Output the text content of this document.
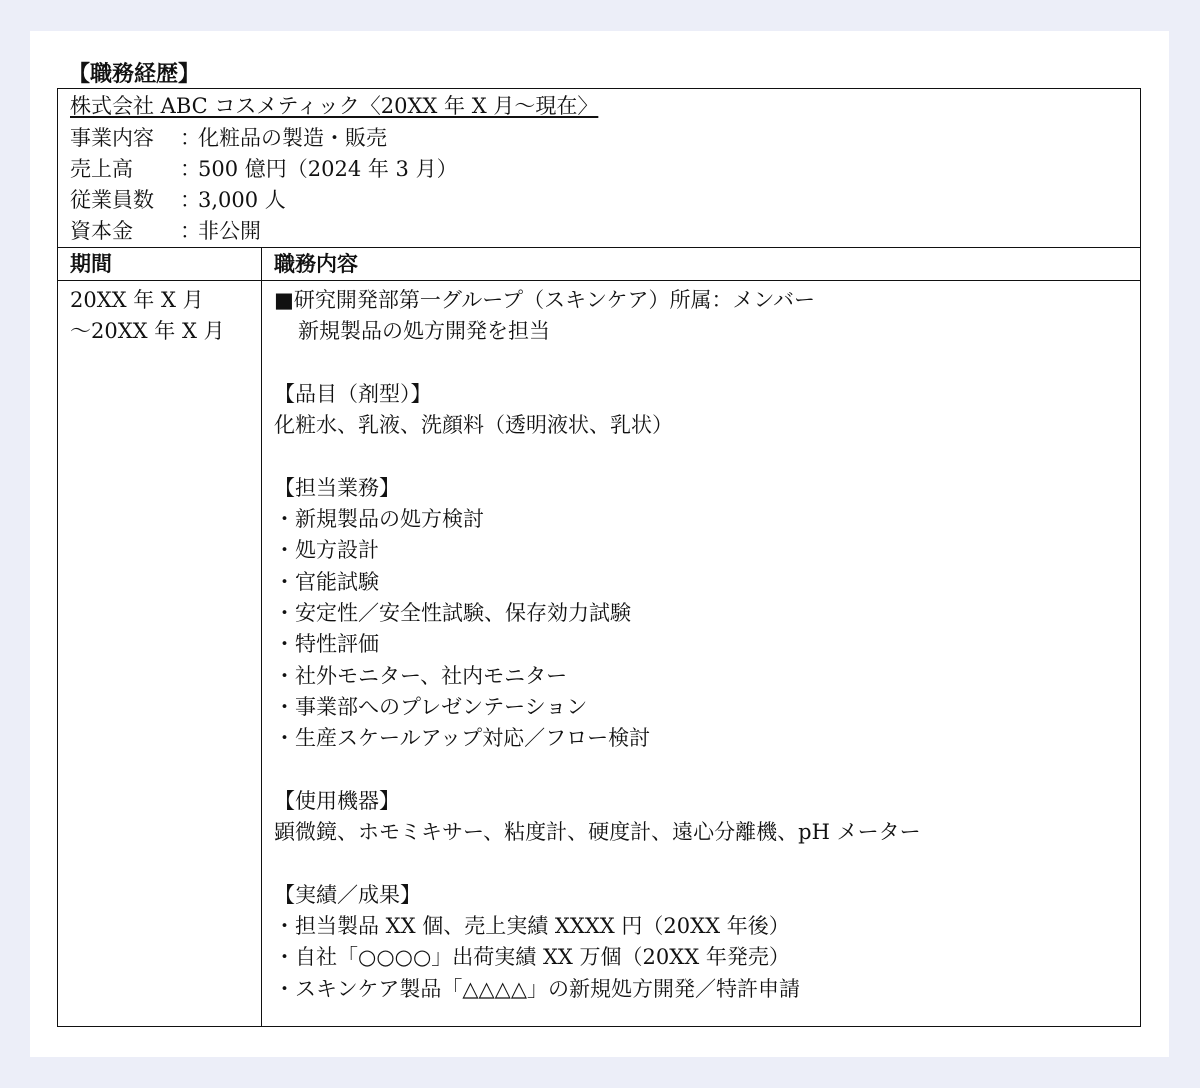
【職務経歴】
株式会社 ABC コスメティック〈20XX 年 X 月～現在〉
事業内容 ：化粧品の製造・販売
売上高 ：500 億円（2024 年 3 月）
従業員数 ：3,000 人
資本金 ：非公開
期間	職務内容
20XX 年 X 月
～20XX 年 X 月
■研究開発部第一グループ（スキンケア）所属：メンバー
新規製品の処方開発を担当
【品目（剤型）】
化粧水、乳液、洗顔料（透明液状、乳状）
【担当業務】
・新規製品の処方検討
・処方設計
・官能試験
・安定性／安全性試験、保存効力試験
・特性評価
・社外モニター、社内モニター
・事業部へのプレゼンテーション
・生産スケールアップ対応／フロー検討
【使用機器】
顕微鏡、ホモミキサー、粘度計、硬度計、遠心分離機、pH メーター
【実績／成果】
・担当製品 XX 個、売上実績 XXXX 円（20XX 年後）
・自社「○○○○」出荷実績 XX 万個（20XX 年発売）
・スキンケア製品「△△△△」の新規処方開発／特許申請
